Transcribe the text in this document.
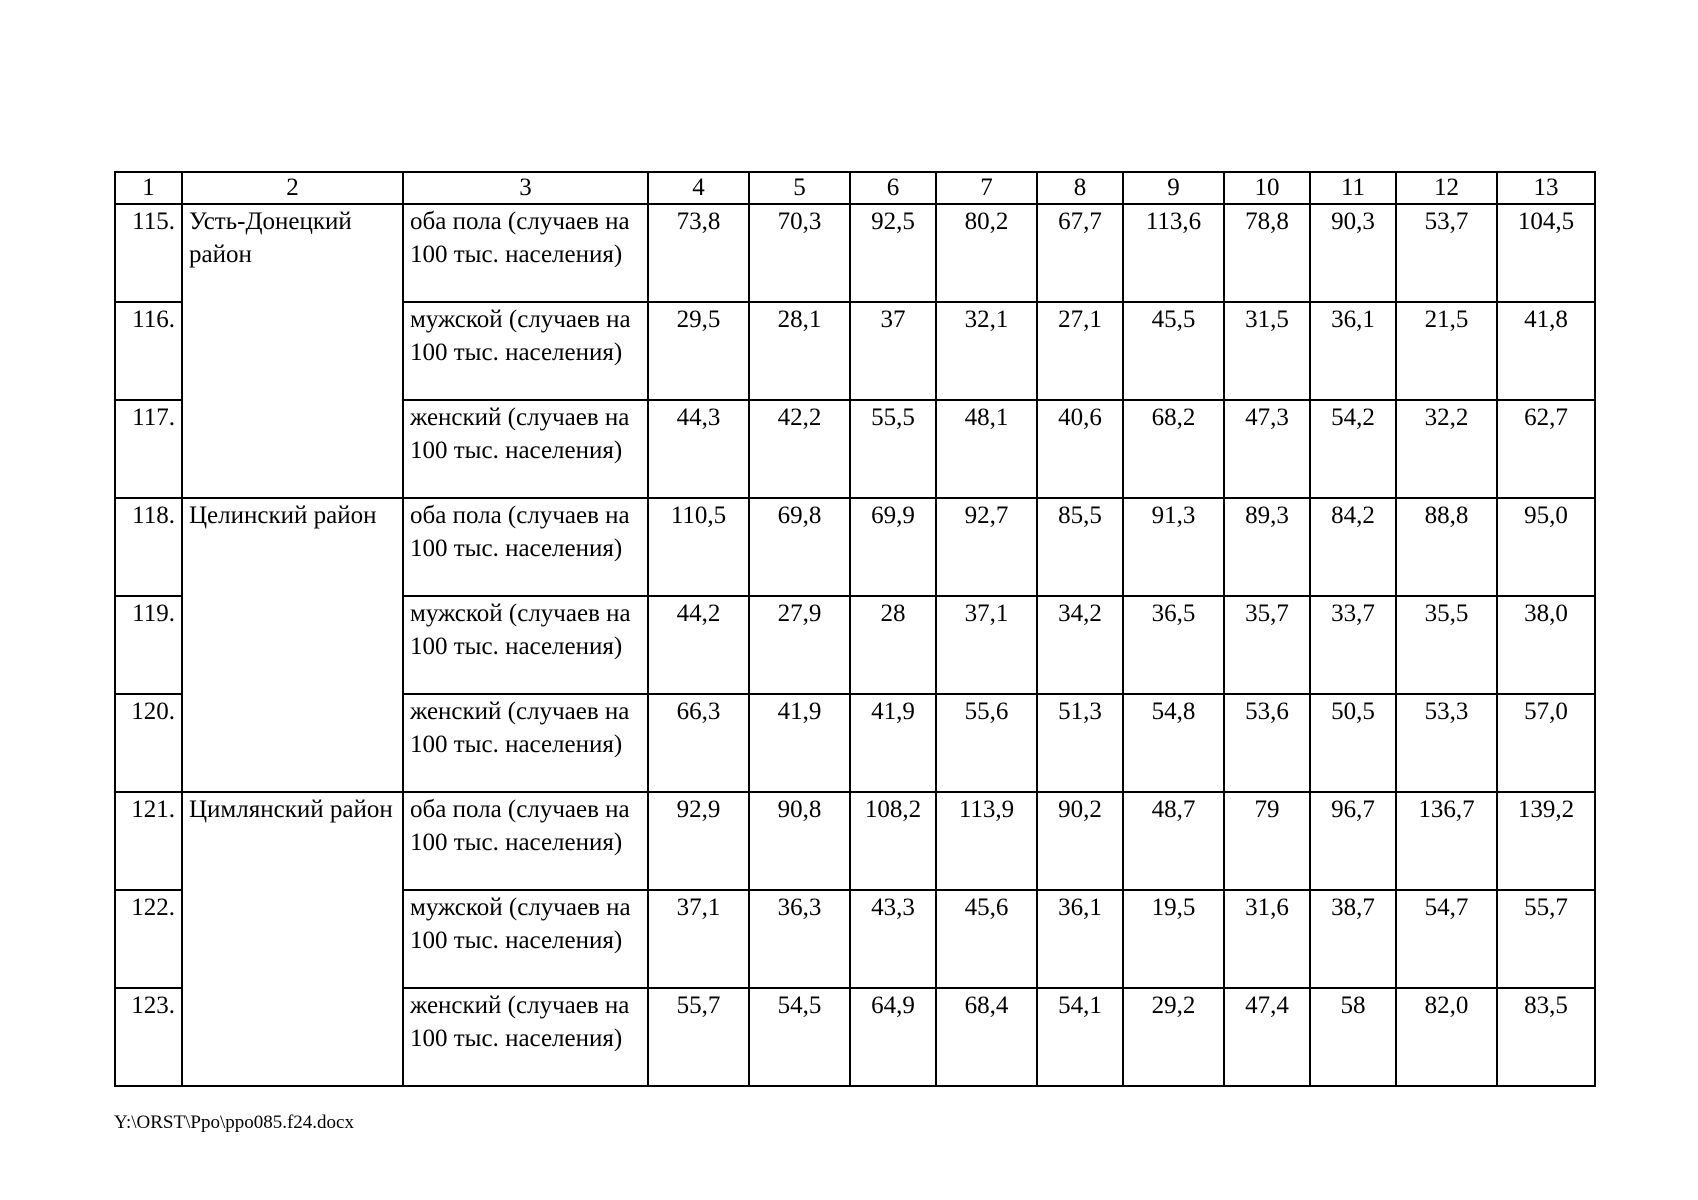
1	2	3	4	5	6	7	8	9	10	11	12	13
115.	Усть-Донецкий район	оба пола (случаев на 100 тыс. населения)	73,8	70,3	92,5	80,2	67,7	113,6	78,8	90,3	53,7	104,5
116.		мужской (случаев на 100 тыс. населения)	29,5	28,1	37	32,1	27,1	45,5	31,5	36,1	21,5	41,8
117.		женский (случаев на 100 тыс. населения)	44,3	42,2	55,5	48,1	40,6	68,2	47,3	54,2	32,2	62,7
118.	Целинский район	оба пола (случаев на 100 тыс. населения)	110,5	69,8	69,9	92,7	85,5	91,3	89,3	84,2	88,8	95,0
119.		мужской (случаев на 100 тыс. населения)	44,2	27,9	28	37,1	34,2	36,5	35,7	33,7	35,5	38,0
120.		женский (случаев на 100 тыс. населения)	66,3	41,9	41,9	55,6	51,3	54,8	53,6	50,5	53,3	57,0
121.	Цимлянский район	оба пола (случаев на 100 тыс. населения)	92,9	90,8	108,2	113,9	90,2	48,7	79	96,7	136,7	139,2
122.		мужской (случаев на 100 тыс. населения)	37,1	36,3	43,3	45,6	36,1	19,5	31,6	38,7	54,7	55,7
123.		женский (случаев на 100 тыс. населения)	55,7	54,5	64,9	68,4	54,1	29,2	47,4	58	82,0	83,5
Y:\ORST\Ppo\ppo085.f24.docx
